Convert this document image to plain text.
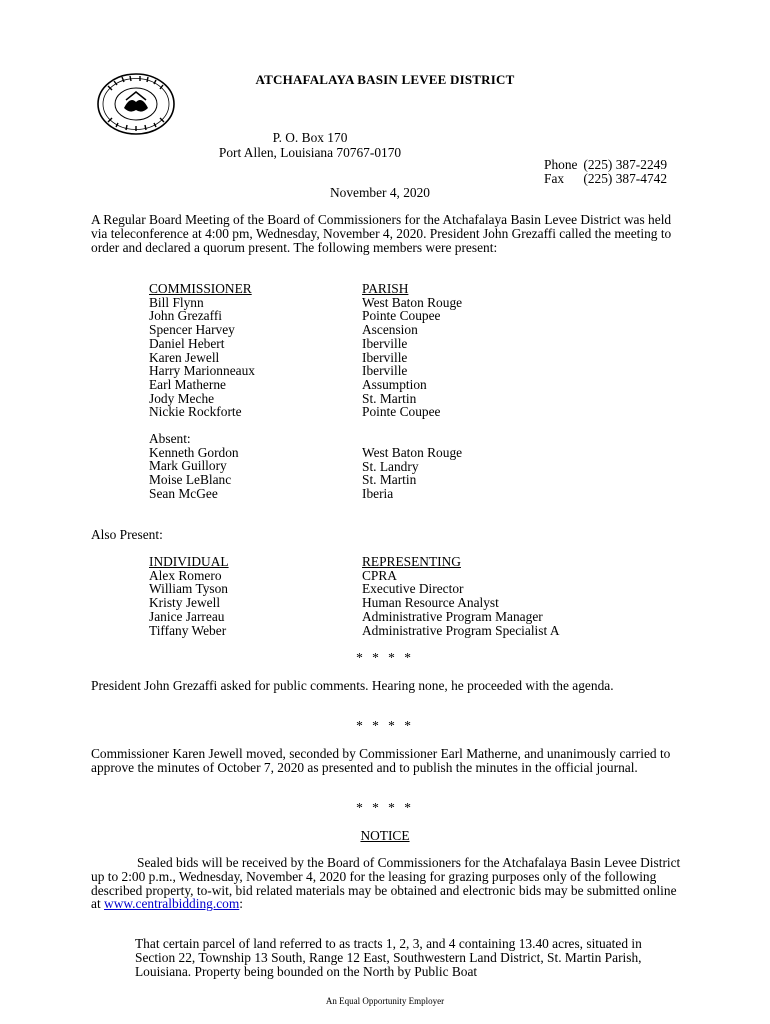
ATCHAFALAYA BASIN LEVEE DISTRICT
P. O. Box 170
Port Allen, Louisiana 70767-0170
Phone (225) 387-2249
Fax (225) 387-4742
November 4, 2020
A Regular Board Meeting of the Board of Commissioners for the Atchafalaya Basin Levee District was held via teleconference at 4:00 pm, Wednesday, November 4, 2020. President John Grezaffi called the meeting to order and declared a quorum present. The following members were present:
COMMISSIONER
Bill Flynn
John Grezaffi
Spencer Harvey
Daniel Hebert
Karen Jewell
Harry Marionneaux
Earl Matherne
Jody Meche
Nickie Rockforte
PARISH
West Baton Rouge
Pointe Coupee
Ascension
Iberville
Iberville
Iberville
Assumption
St. Martin
Pointe Coupee
Absent:
Kenneth Gordon
Mark Guillory
Moise LeBlanc
Sean McGee
West Baton Rouge
St. Landry
St. Martin
Iberia
Also Present:
INDIVIDUAL
Alex Romero
William Tyson
Kristy Jewell
Janice Jarreau
Tiffany Weber
REPRESENTING
CPRA
Executive Director
Human Resource Analyst
Administrative Program Manager
Administrative Program Specialist A
* * * *
President John Grezaffi asked for public comments. Hearing none, he proceeded with the agenda.
* * * *
Commissioner Karen Jewell moved, seconded by Commissioner Earl Matherne, and unanimously carried to approve the minutes of October 7, 2020 as presented and to publish the minutes in the official journal.
* * * *
NOTICE
Sealed bids will be received by the Board of Commissioners for the Atchafalaya Basin Levee District up to 2:00 p.m., Wednesday, November 4, 2020 for the leasing for grazing purposes only of the following described property, to-wit, bid related materials may be obtained and electronic bids may be submitted online at www.centralbidding.com:
That certain parcel of land referred to as tracts 1, 2, 3, and 4 containing 13.40 acres, situated in Section 22, Township 13 South, Range 12 East, Southwestern Land District, St. Martin Parish, Louisiana. Property being bounded on the North by Public Boat
An Equal Opportunity Employer
